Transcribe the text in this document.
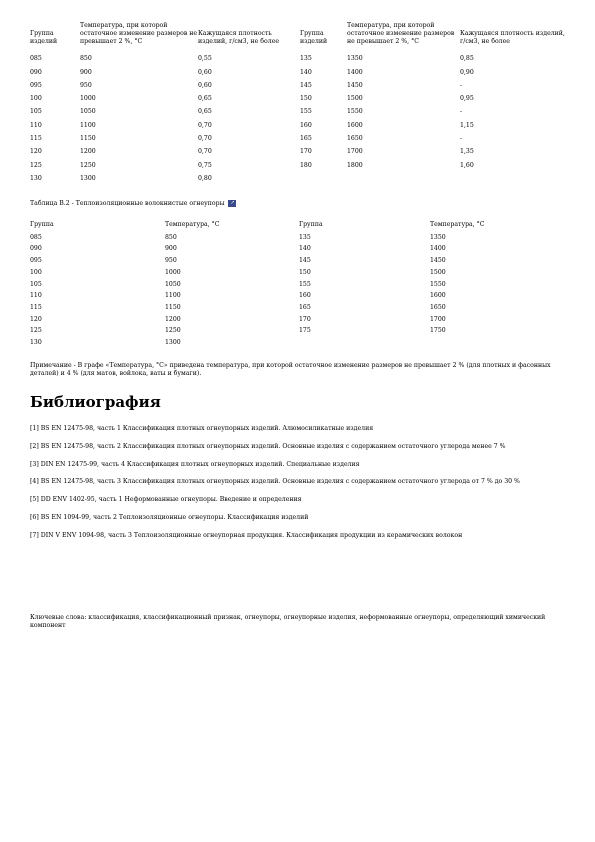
Группа изделий	Температура, при которой остаточное изменение размеров не превышает 2 %, °С	Кажущаяся плотность изделий, г/см3, не более	Группа изделий	Температура, при которой остаточное изменение размеров не превышает 2 %, °С	Кажущаяся плотность изделий, г/см3, не более
085	850	0,55	135	1350	0,85
090	900	0,60	140	1400	0,90
095	950	0,60	145	1450	-
100	1000	0,65	150	1500	0,95
105	1050	0,65	155	1550	-
110	1100	0,70	160	1600	1,15
115	1150	0,70	165	1650	-
120	1200	0,70	170	1700	1,35
125	1250	0,75	180	1800	1,60
130	1300	0,80			
Таблица В.2 - Теплоизоляционные волокнистые огнеупоры ↗
Группа	Температура, °С	Группа	Температура, °С
085	850	135	1350
090	900	140	1400
095	950	145	1450
100	1000	150	1500
105	1050	155	1550
110	1100	160	1600
115	1150	165	1650
120	1200	170	1700
125	1250	175	1750
130	1300		
Примечание - В графе «Температура, °С» приведена температура, при которой остаточное изменение размеров не превышает 2 % (для плотных и фасонных деталей) и 4 % (для матов, войлока, ваты и бумаги).
Библиография

[1] BS EN 12475-98, часть 1 Классификация плотных огнеупорных изделий. Алюмосиликатные изделия

[2] BS EN 12475-98, часть 2 Классификация плотных огнеупорных изделий. Основные изделия с содержанием остаточного углерода менее 7 %

[3] DIN EN 12475-99, часть 4 Классификация плотных огнеупорных изделий. Специальные изделия

[4] BS EN 12475-98, часть 3 Классификация плотных огнеупорных изделий. Основные изделия с содержанием остаточного углерода от 7 % до 30 %

[5] DD ENV 1402-95, часть 1 Неформованные огнеупоры. Введение и определения

[6] BS EN 1094-99, часть 2 Теплоизоляционные огнеупоры. Классификация изделий

[7] DIN V ENV 1094-98, часть 3 Теплоизоляционные огнеупорная продукция. Классификация продукции из керамических волокон

Ключевые слова: классификация, классификационный признак, огнеупоры, огнеупорные изделия, неформованные огнеупоры, определяющий химический компонент
